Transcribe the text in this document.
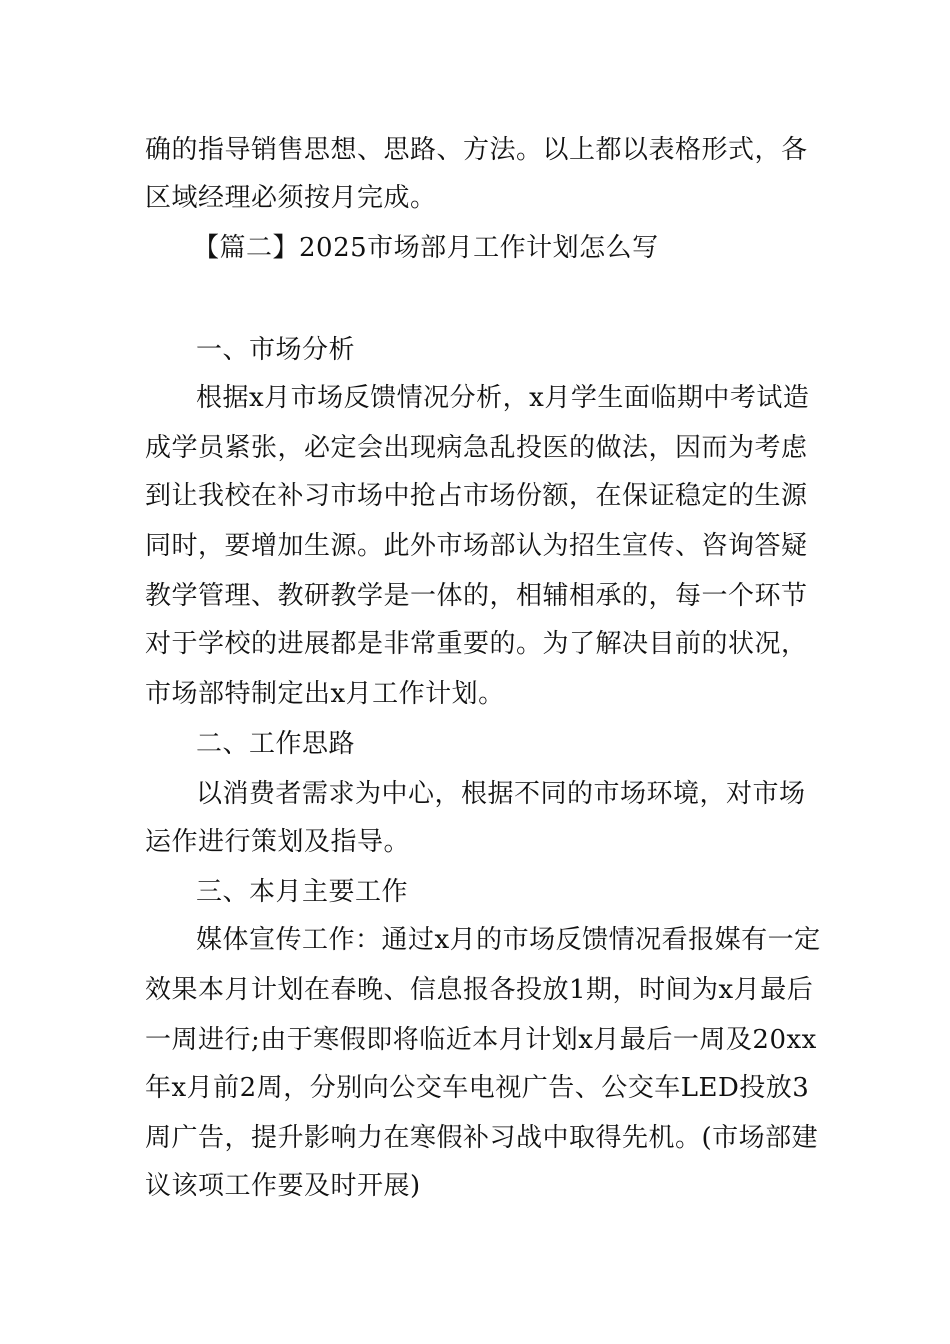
确的指导销售思想、思路、方法。以上都以表格形式，各
区域经理必须按月完成。
【篇二】2025市场部月工作计划怎么写
一、市场分析
根据x月市场反馈情况分析，x月学生面临期中考试造
成学员紧张，必定会出现病急乱投医的做法，因而为考虑
到让我校在补习市场中抢占市场份额，在保证稳定的生源
同时，要增加生源。此外市场部认为招生宣传、咨询答疑
教学管理、教研教学是一体的，相辅相承的，每一个环节
对于学校的进展都是非常重要的。为了解决目前的状况，
市场部特制定出x月工作计划。
二、工作思路
以消费者需求为中心，根据不同的市场环境，对市场
运作进行策划及指导。
三、本月主要工作
媒体宣传工作：通过x月的市场反馈情况看报媒有一定
效果本月计划在春晚、信息报各投放1期，时间为x月最后
一周进行;由于寒假即将临近本月计划x月最后一周及20xx
年x月前2周，分别向公交车电视广告、公交车LED投放3
周广告，提升影响力在寒假补习战中取得先机。(市场部建
议该项工作要及时开展)
